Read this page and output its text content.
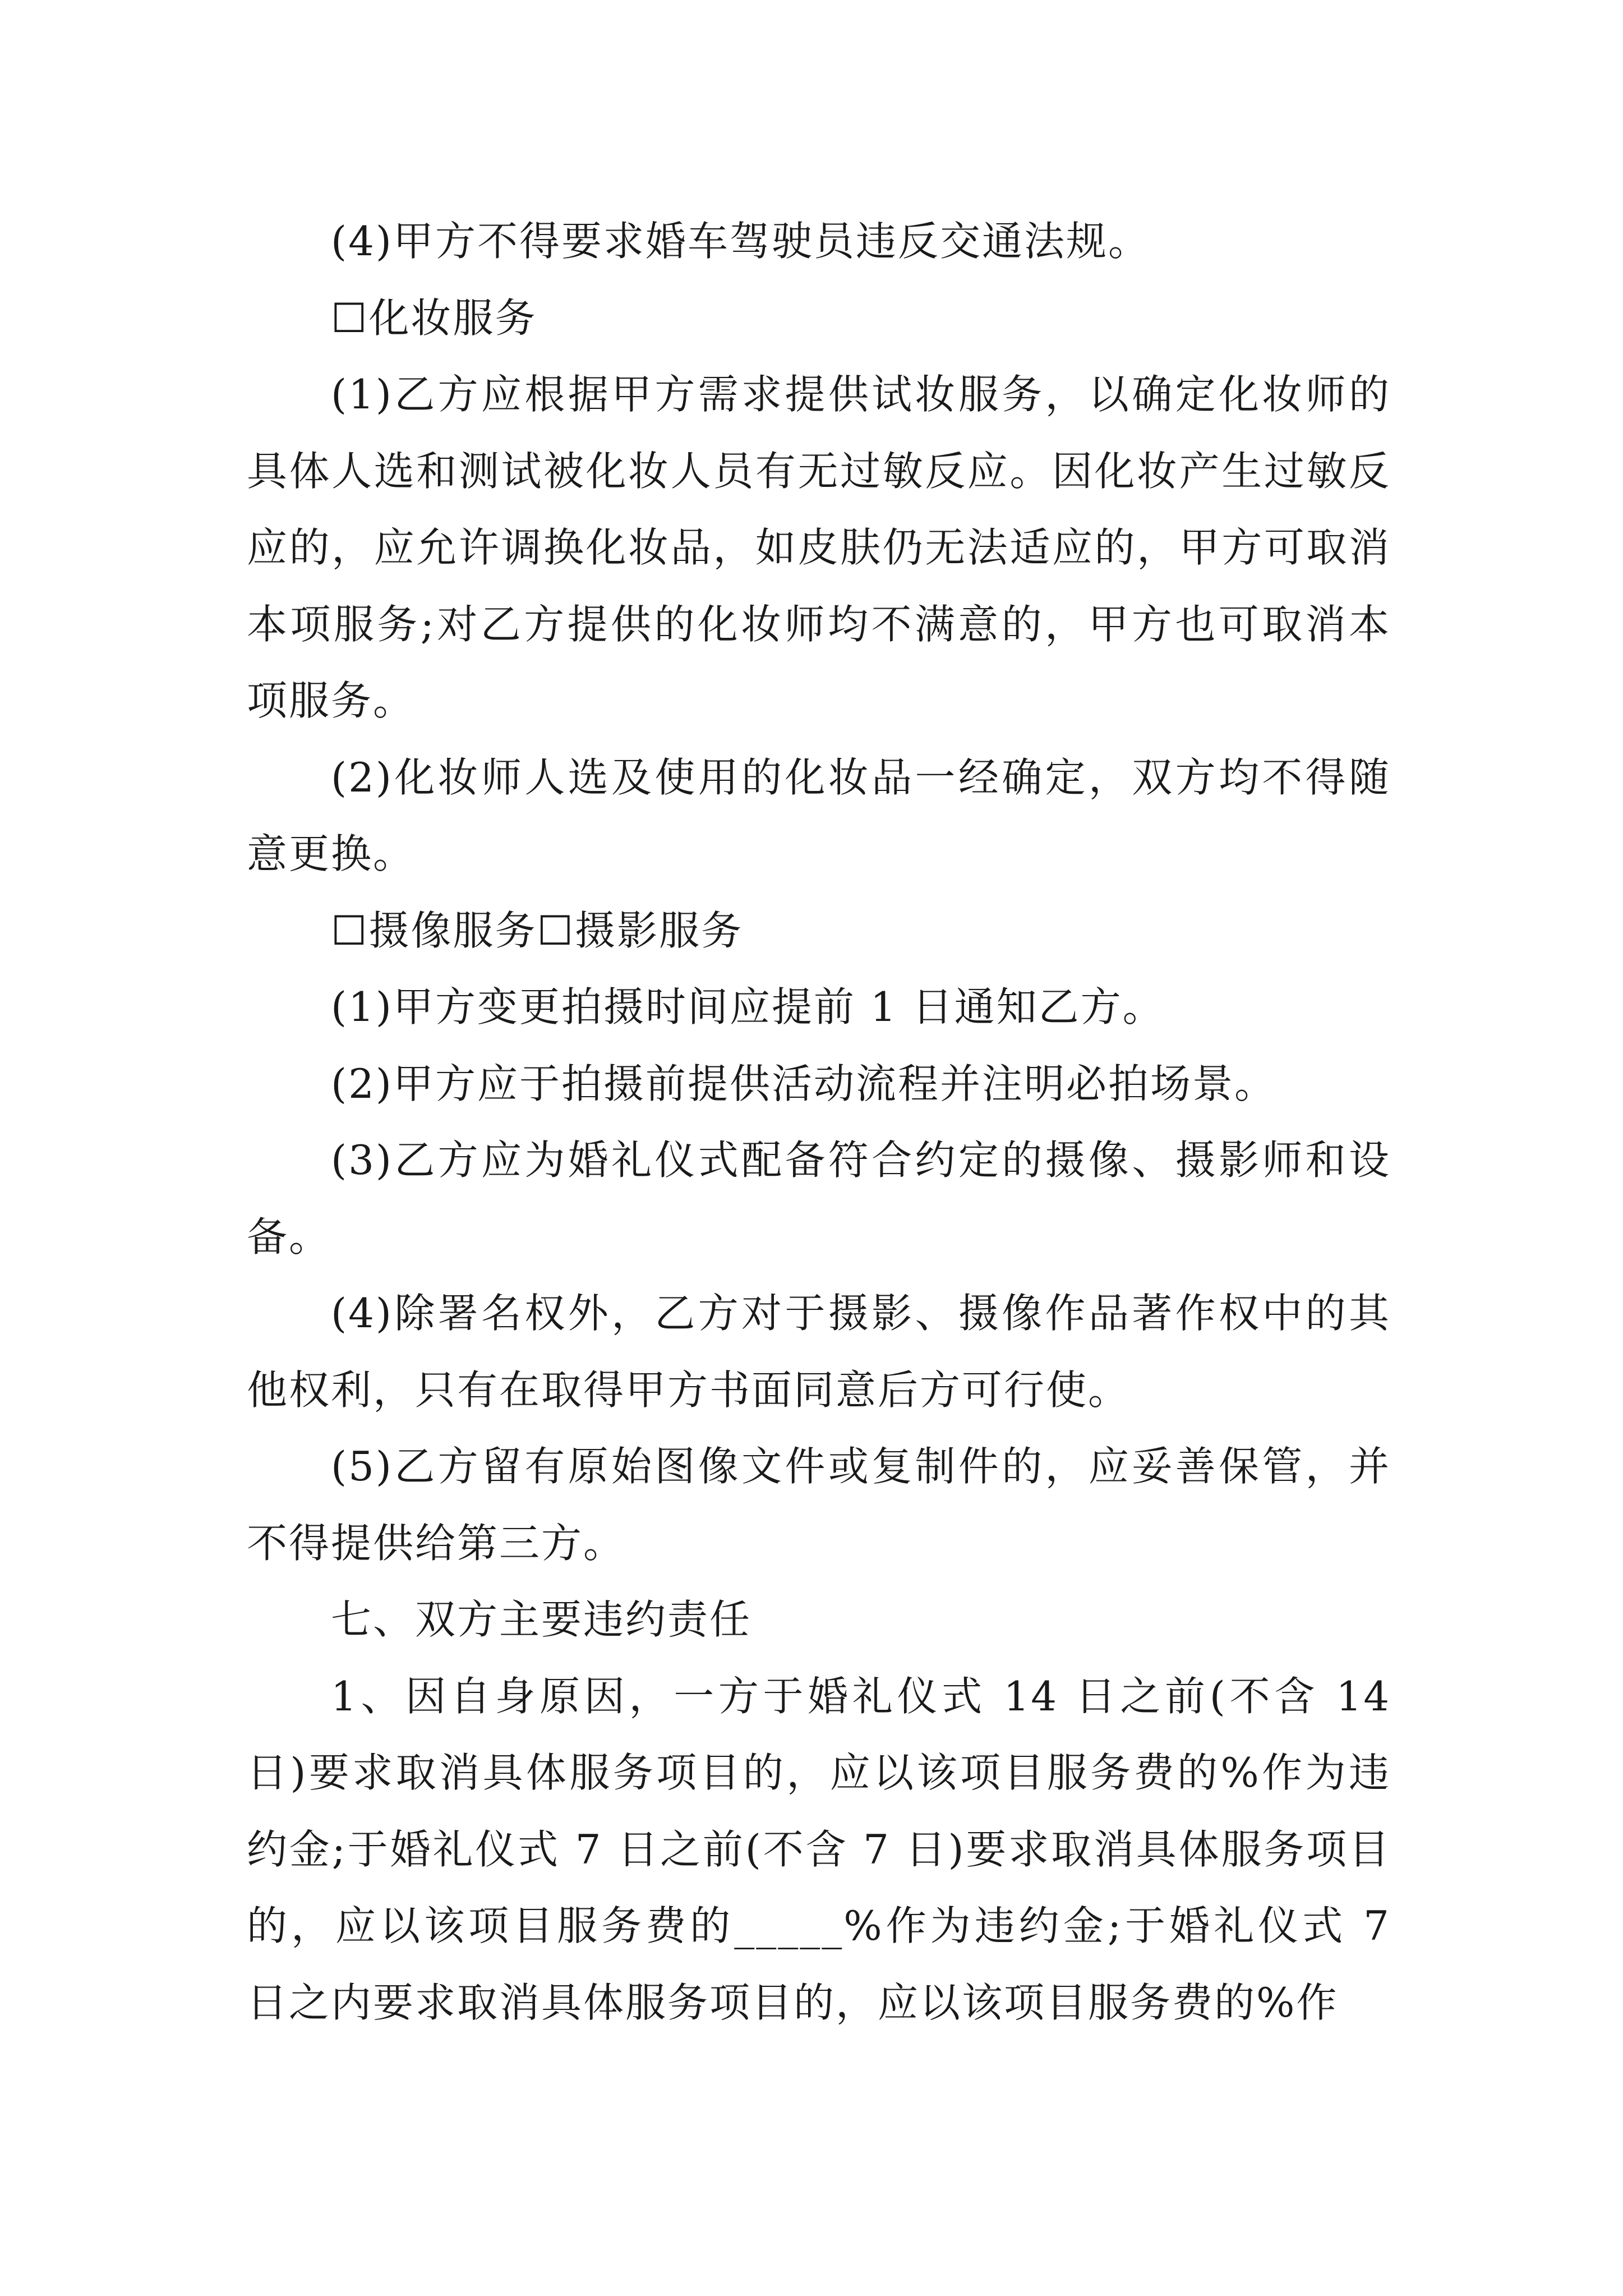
(4)甲方不得要求婚车驾驶员违反交通法规。

☐化妆服务

(1)乙方应根据甲方需求提供试妆服务，以确定化妆师的具体人选和测试被化妆人员有无过敏反应。因化妆产生过敏反应的，应允许调换化妆品，如皮肤仍无法适应的，甲方可取消本项服务;对乙方提供的化妆师均不满意的，甲方也可取消本项服务。

(2)化妆师人选及使用的化妆品一经确定，双方均不得随意更换。

☐摄像服务☐摄影服务

(1)甲方变更拍摄时间应提前 1 日通知乙方。

(2)甲方应于拍摄前提供活动流程并注明必拍场景。

(3)乙方应为婚礼仪式配备符合约定的摄像、摄影师和设备。

(4)除署名权外，乙方对于摄影、摄像作品著作权中的其他权利，只有在取得甲方书面同意后方可行使。

(5)乙方留有原始图像文件或复制件的，应妥善保管，并不得提供给第三方。

七、双方主要违约责任

1、因自身原因，一方于婚礼仪式 14 日之前(不含 14 日)要求取消具体服务项目的，应以该项目服务费的%作为违约金;于婚礼仪式 7 日之前(不含 7 日)要求取消具体服务项目的，应以该项目服务费的_____%作为违约金;于婚礼仪式 7 日之内要求取消具体服务项目的，应以该项目服务费的%作
